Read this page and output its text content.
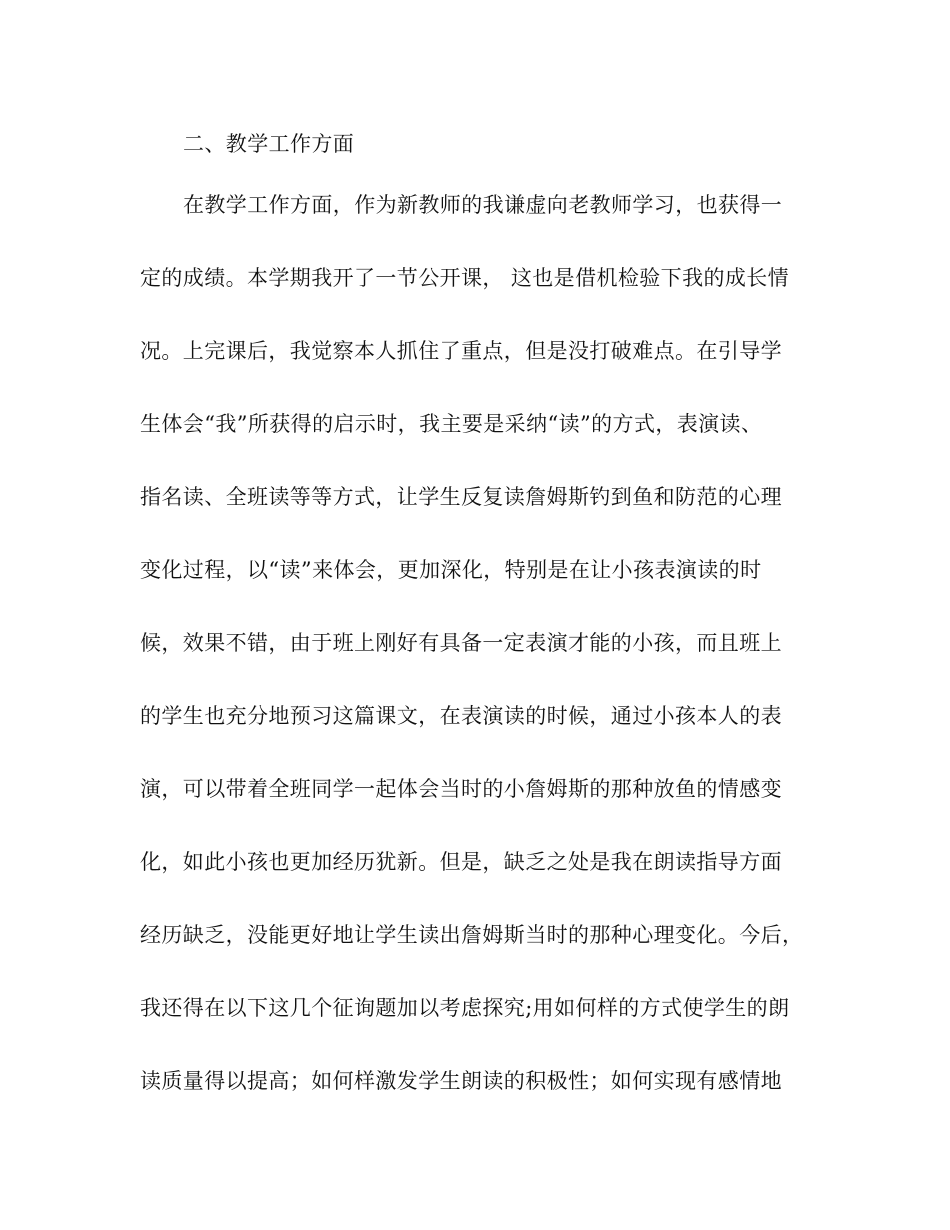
二、教学工作方面
在教学工作方面，作为新教师的我谦虚向老教师学习，也获得一
定的成绩。本学期我开了一节公开课， 这也是借机检验下我的成长情
况。上完课后，我觉察本人抓住了重点，但是没打破难点。在引导学
生体会“我”所获得的启示时，我主要是采纳“读”的方式，表演读、
指名读、全班读等等方式，让学生反复读詹姆斯钓到鱼和防范的心理
变化过程，以“读”来体会，更加深化，特别是在让小孩表演读的时
候，效果不错，由于班上刚好有具备一定表演才能的小孩，而且班上
的学生也充分地预习这篇课文，在表演读的时候，通过小孩本人的表
演，可以带着全班同学一起体会当时的小詹姆斯的那种放鱼的情感变
化，如此小孩也更加经历犹新。但是，缺乏之处是我在朗读指导方面
经历缺乏，没能更好地让学生读出詹姆斯当时的那种心理变化。今后，
我还得在以下这几个征询题加以考虑探究;用如何样的方式使学生的朗
读质量得以提高；如何样激发学生朗读的积极性；如何实现有感情地
